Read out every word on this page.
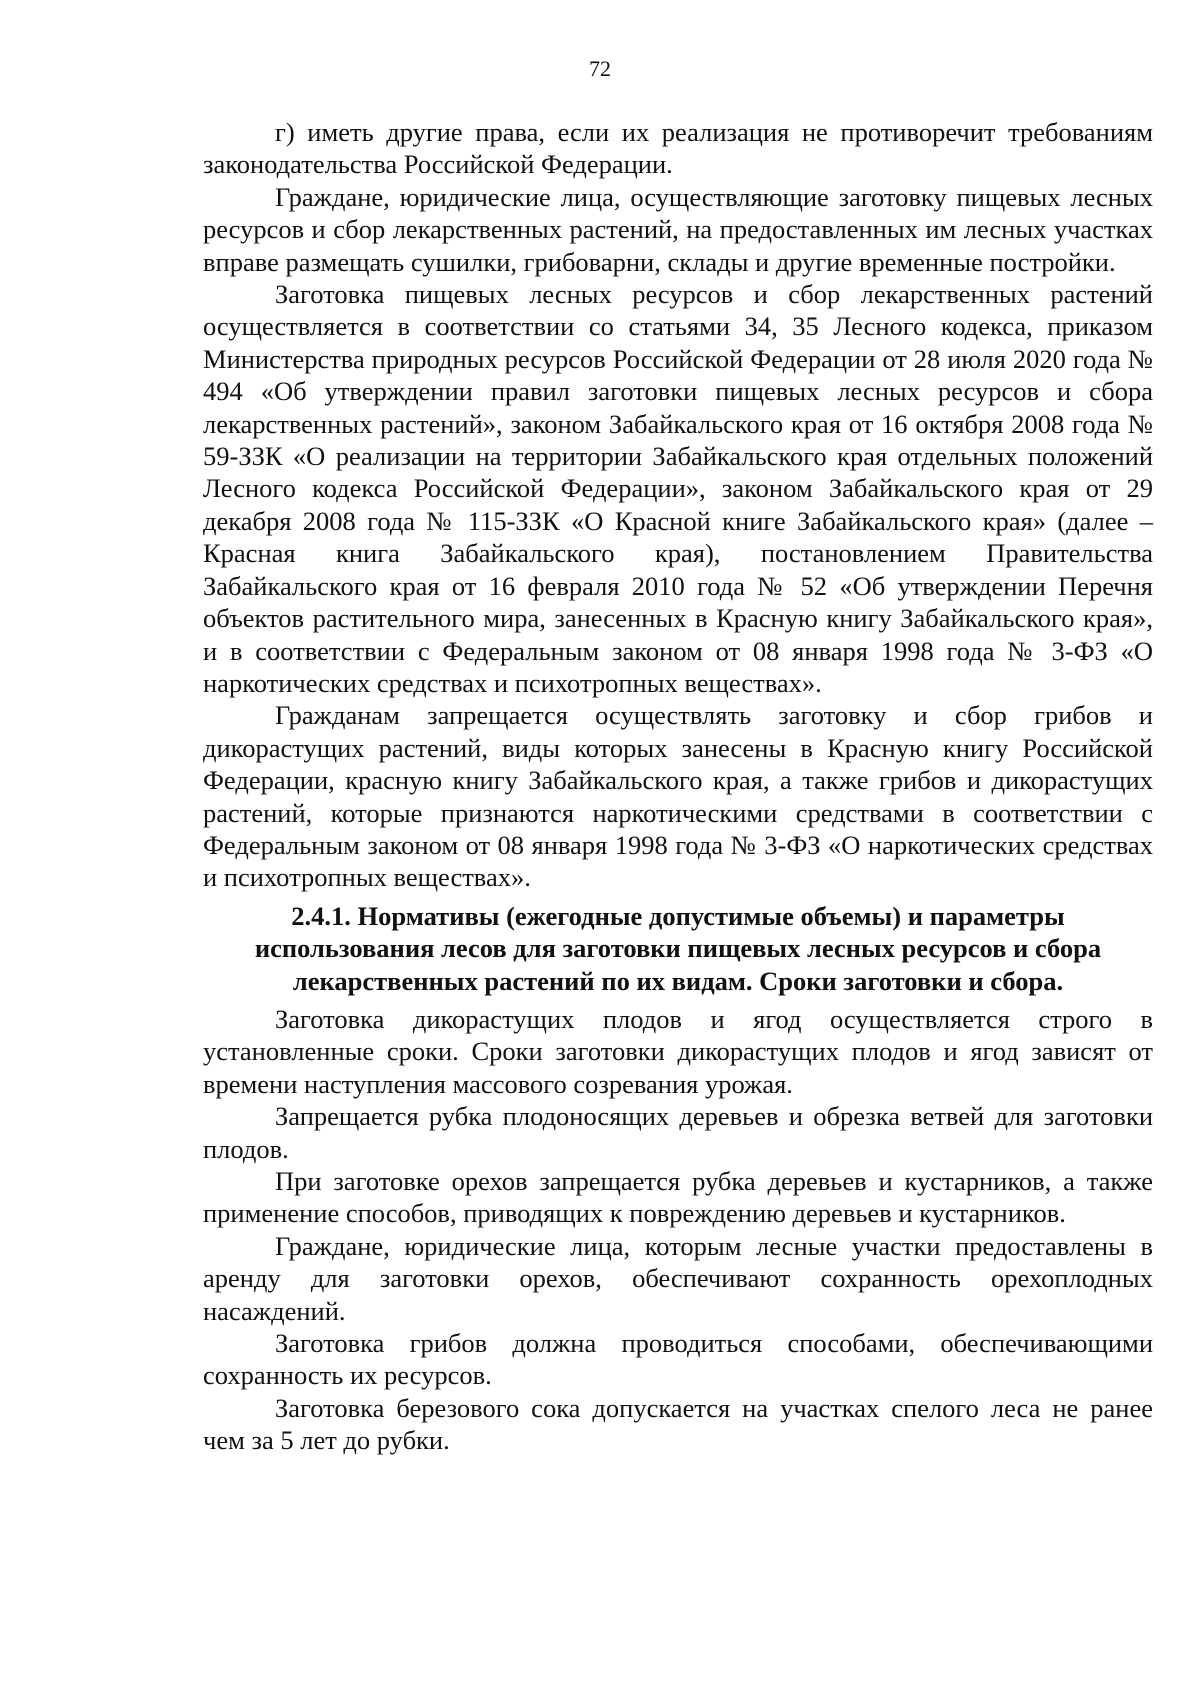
72

г) иметь другие права, если их реализация не противоречит требованиям законодательства Российской Федерации.

Граждане, юридические лица, осуществляющие заготовку пищевых лесных ресурсов и сбор лекарственных растений, на предоставленных им лесных участках вправе размещать сушилки, грибоварни, склады и другие временные постройки.

Заготовка пищевых лесных ресурсов и сбор лекарственных растений осуществляется в соответствии со статьями 34, 35 Лесного кодекса, приказом Министерства природных ресурсов Российской Федерации от 28 июля 2020 года № 494 «Об утверждении правил заготовки пищевых лесных ресурсов и сбора лекарственных растений», законом Забайкальского края от 16 октября 2008 года № 59-ЗЗК «О реализации на территории Забайкальского края отдельных положений Лесного кодекса Российской Федерации», законом Забайкальского края от 29 декабря 2008 года № 115-ЗЗК «О Красной книге Забайкальского края» (далее – Красная книга Забайкальского края), постановлением Правительства Забайкальского края от 16 февраля 2010 года № 52 «Об утверждении Перечня объектов растительного мира, занесенных в Красную книгу Забайкальского края», и в соответствии с Федеральным законом от 08 января 1998 года № 3-ФЗ «О наркотических средствах и психотропных веществах».

Гражданам запрещается осуществлять заготовку и сбор грибов и дикорастущих растений, виды которых занесены в Красную книгу Российской Федерации, красную книгу Забайкальского края, а также грибов и дикорастущих растений, которые признаются наркотическими средствами в соответствии с Федеральным законом от 08 января 1998 года № 3-ФЗ «О наркотических средствах и психотропных веществах».

2.4.1. Нормативы (ежегодные допустимые объемы) и параметры использования лесов для заготовки пищевых лесных ресурсов и сбора лекарственных растений по их видам. Сроки заготовки и сбора.

Заготовка дикорастущих плодов и ягод осуществляется строго в установленные сроки. Сроки заготовки дикорастущих плодов и ягод зависят от времени наступления массового созревания урожая.

Запрещается рубка плодоносящих деревьев и обрезка ветвей для заготовки плодов.

При заготовке орехов запрещается рубка деревьев и кустарников, а также применение способов, приводящих к повреждению деревьев и кустарников.

Граждане, юридические лица, которым лесные участки предоставлены в аренду для заготовки орехов, обеспечивают сохранность орехоплодных насаждений.

Заготовка грибов должна проводиться способами, обеспечивающими сохранность их ресурсов.

Заготовка березового сока допускается на участках спелого леса не ранее чем за 5 лет до рубки.
